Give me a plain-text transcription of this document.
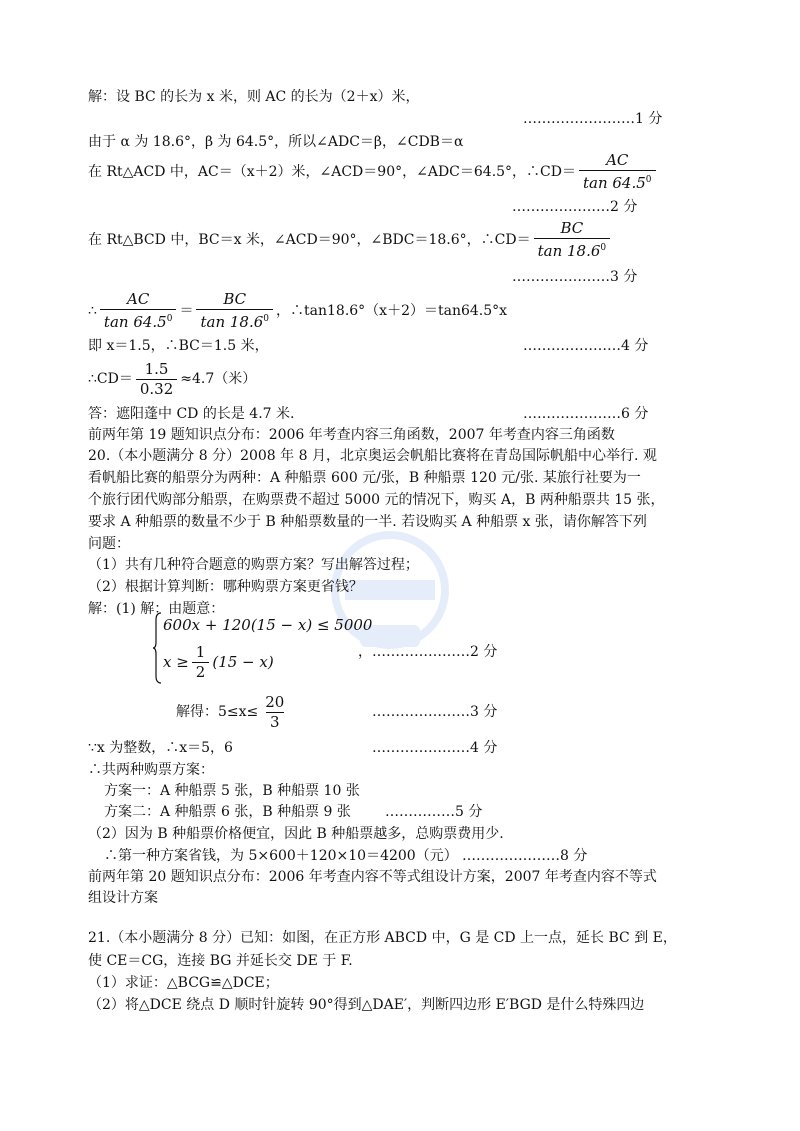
解：设 BC 的长为 x 米，则 AC 的长为（2＋x）米，
……………………1 分
由于 α 为 18.6°，β 为 64.5°，所以∠ADC＝β，∠CDB＝α
在 Rt△ACD 中，AC＝（x＋2）米，∠ACD＝90°，∠ADC＝64.5°，∴CD＝ $\frac{AC}{\tan 64.5^0}$
…………………2 分
在 Rt△BCD 中，BC＝x 米，∠ACD＝90°，∠BDC＝18.6°，∴CD＝ $\frac{BC}{\tan 18.6^0}$
…………………3 分
∴ $\frac{AC}{\tan 64.5^0} = \frac{BC}{\tan 18.6^0}$ ，∴tan18.6°（x＋2）＝tan64.5°x
即 x＝1.5，∴BC＝1.5 米，	…………………4 分
∴CD＝ $\frac{1.5}{0.32} \approx 4.7$（米）
答：遮阳蓬中 CD 的长是 4.7 米.	…………………6 分
前两年第 19 题知识点分布：2006 年考查内容三角函数，2007 年考查内容三角函数
20.（本小题满分 8 分）2008 年 8 月，北京奥运会帆船比赛将在青岛国际帆船中心举行. 观
看帆船比赛的船票分为两种：A 种船票 600 元/张，B 种船票 120 元/张. 某旅行社要为一
个旅行团代购部分船票，在购票费不超过 5000 元的情况下，购买 A，B 两种船票共 15 张，
要求 A 种船票的数量不少于 B 种船票数量的一半. 若设购买 A 种船票 x 张，请你解答下列
问题：
（1）共有几种符合题意的购票方案？写出解答过程；
（2）根据计算判断：哪种购票方案更省钱？
解：(1) 解：由题意：
600x + 120(15 − x) ≤ 5000
$x \ge \frac{1}{2} (15 - x)$
， …………………2 分
解得：$5\le x\le \frac{20}{3}$	…………………3 分
∵x 为整数，∴x＝5，6	…………………4 分
∴共两种购票方案：
方案一：A 种船票 5 张，B 种船票 10 张
方案二：A 种船票 6 张，B 种船票 9 张 ……………5 分
（2）因为 B 种船票价格便宜，因此 B 种船票越多，总购票费用少.
∴第一种方案省钱，为 5×600＋120×10＝4200（元） …………………8 分
前两年第 20 题知识点分布：2006 年考查内容不等式组设计方案，2007 年考查内容不等式
组设计方案
21.（本小题满分 8 分）已知：如图，在正方形 ABCD 中，G 是 CD 上一点，延长 BC 到 E，
使 CE＝CG，连接 BG 并延长交 DE 于 F.
（1）求证：△BCG≌△DCE；
（2）将△DCE 绕点 D 顺时针旋转 90°得到△DAE′，判断四边形 E′BGD 是什么特殊四边
